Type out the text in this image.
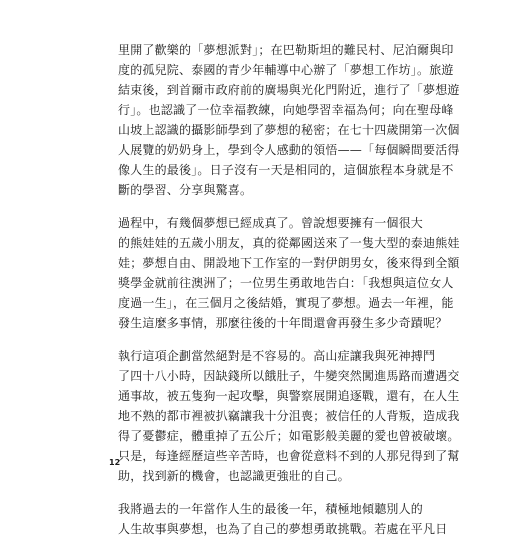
里開了歡樂的「夢想派對」；在巴勒斯坦的難民村、尼泊爾與印
度的孤兒院、泰國的青少年輔導中心辦了「夢想工作坊」。旅遊
結束後，到首爾市政府前的廣場與光化門附近，進行了「夢想遊
行」。也認識了一位幸福教練，向她學習幸福為何；向在聖母峰
山坡上認識的攝影師學到了夢想的秘密；在七十四歲開第一次個
人展覽的奶奶身上，學到令人感動的領悟——「每個瞬間要活得
像人生的最後」。日子沒有一天是相同的，這個旅程本身就是不
斷的學習、分享與驚喜。
過程中，有幾個夢想已經成真了。曾說想要擁有一個很大
的熊娃娃的五歲小朋友，真的從鄰國送來了一隻大型的泰迪熊娃
娃；夢想自由、開設地下工作室的一對伊朗男女，後來得到全額
獎學金就前往澳洲了；一位男生勇敢地告白：「我想與這位女人
度過一生」，在三個月之後結婚，實現了夢想。過去一年裡，能
發生這麼多事情，那麼往後的十年間還會再發生多少奇蹟呢？
執行這項企劃當然絕對是不容易的。高山症讓我與死神搏鬥
了四十八小時，因缺錢所以餓肚子，牛變突然闖進馬路而遭遇交
通事故，被五隻狗一起攻擊，與警察展開追逐戰，還有，在人生
地不熟的都市裡被扒竊讓我十分沮喪；被信任的人背叛，造成我
得了憂鬱症，體重掉了五公斤；如電影般美麗的愛也曾被破壞。
只是，每逢經歷這些辛苦時，也會從意料不到的人那兒得到了幫
助，找到新的機會，也認識更強壯的自己。
我將過去的一年當作人生的最後一年，積極地傾聽別人的
人生故事與夢想，也為了自己的夢想勇敢挑戰。若處在平凡日
12
